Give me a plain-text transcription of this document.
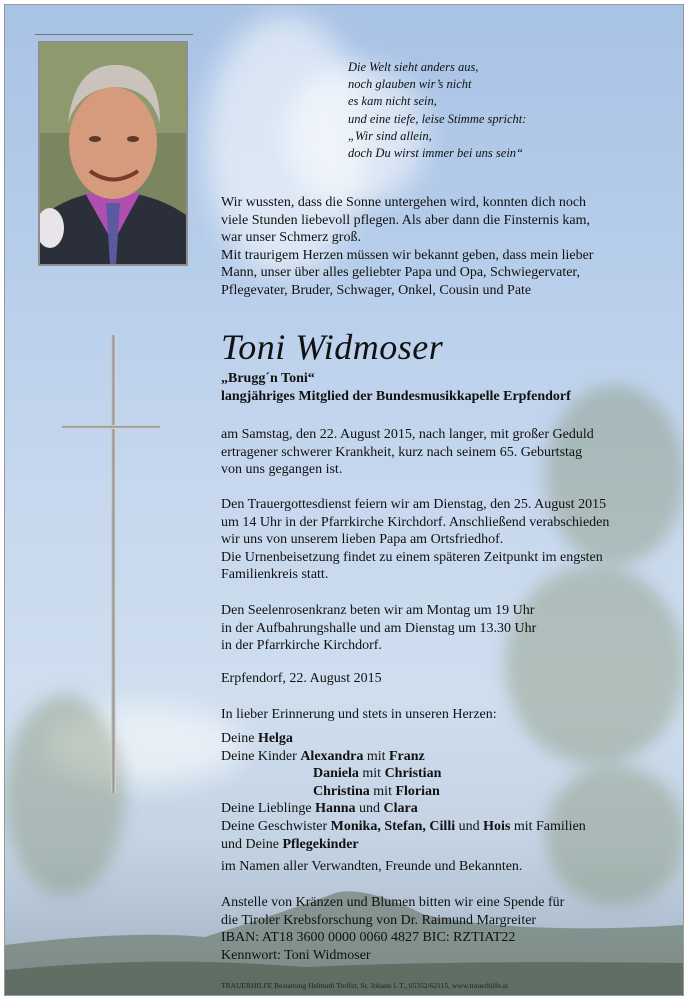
Die Welt sieht anders aus,
noch glauben wir’s nicht
es kam nicht sein,
und eine tiefe, leise Stimme spricht:
„Wir sind allein,
doch Du wirst immer bei uns sein“
Wir wussten, dass die Sonne untergehen wird, konnten dich noch
viele Stunden liebevoll pflegen. Als aber dann die Finsternis kam,
war unser Schmerz groß.
Mit traurigem Herzen müssen wir bekannt geben, dass mein lieber
Mann, unser über alles geliebter Papa und Opa, Schwiegervater,
Pflegevater, Bruder, Schwager, Onkel, Cousin und Pate
Toni Widmoser
„Brugg´n Toni“
langjähriges Mitglied der Bundesmusikkapelle Erpfendorf
am Samstag, den 22. August 2015, nach langer, mit großer Geduld
ertragener schwerer Krankheit, kurz nach seinem 65. Geburtstag
von uns gegangen ist.
Den Trauergottesdienst feiern wir am Dienstag, den 25. August 2015
um 14 Uhr in der Pfarrkirche Kirchdorf. Anschließend verabschieden
wir uns von unserem lieben Papa am Ortsfriedhof.
Die Urnenbeisetzung findet zu einem späteren Zeitpunkt im engsten
Familienkreis statt.
Den Seelenrosenkranz beten wir am Montag um 19 Uhr
in der Aufbahrungshalle und am Dienstag um 13.30 Uhr
in der Pfarrkirche Kirchdorf.
Erpfendorf, 22. August 2015
In lieber Erinnerung und stets in unseren Herzen:
Deine Helga
Deine Kinder Alexandra mit Franz
Daniela mit Christian
Christina mit Florian
Deine Lieblinge Hanna und Clara
Deine Geschwister Monika, Stefan, Cilli und Hois mit Familien
und Deine Pflegekinder
im Namen aller Verwandten, Freunde und Bekannten.
Anstelle von Kränzen und Blumen bitten wir eine Spende für
die Tiroler Krebsforschung von Dr. Raimund Margreiter
IBAN: AT18 3600 0000 0060 4827 BIC: RZTIAT22
Kennwort: Toni Widmoser
TRAUERHILFE Bestattung Helmuth Treffer, St. Johann i. T., 05352/62115, www.trauerhilfe.at
